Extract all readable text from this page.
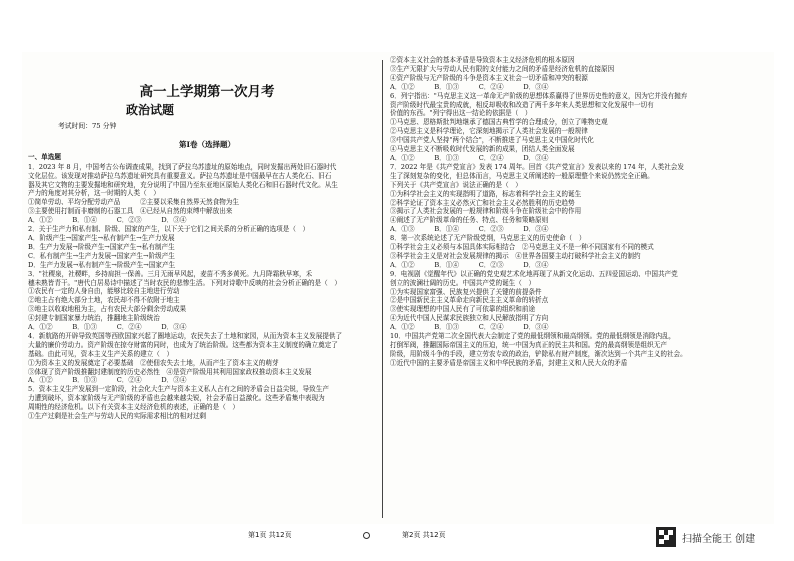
高一上学期第一次月考
政治试题
考试时间：75 分钟
第Ⅰ卷（选择题）
一、单选题
1．2023 年 8 月，中国考古公布调查成果，找到了萨拉乌苏遗址的原始地点，同时发掘出两处旧石器时代
文化层位。该发现对推动萨拉乌苏遗址研究具有重要意义。萨拉乌苏遗址是中国最早在古人类化石、旧石
器及其它文物的主要发掘地和研究地，充分说明了中国乃至东亚地区原始人类化石和旧石器时代文化。从生
产力的角度对其分析，这一时期的人类（　）
①简单劳动、平均分配劳动产品　　　②主要以采集自然界天然食物为生
③主要使用打制而非磨制的石器工具　④已经从自然的束缚中解放出来
A．①②　　　B．①④　　　C．②③　　　D．③④
2．关于生产力和私有制、阶级、国家的产生，以下关于它们之间关系的分析正确的选项是（　）
A．阶级产生→国家产生→私有制产生→生产力发展
B．生产力发展→阶级产生→国家产生→私有制产生
C．私有制产生→生产力发展→国家产生→阶级产生
D．生产力发展→私有制产生→阶级产生→国家产生
3．"社稷泉，社稷畔，乡持肩担一保善。三月无雨早风起，麦苗不秀多黄死。九月降霜秋早寒，禾
穗未熟皆青干。"唐代白居易诗中描述了当时农民的悲惨生活。下列对诗歌中反映的社会分析正确的是（　）
①农民有一定的人身自由，能够比较自主地进行劳动
②地主占有绝大部分土地，农民却不得不依附于地主
③地主以收取地租为主，占有农民大部分剩余劳动成果
④封建专制国家暴力统治，推翻地主阶级统治
A．①②　　　B．①③　　　C．②④　　　D．③④
4．新航路的开辟导致英国等西欧国家兴起了圈地运动，农民失去了土地和家园，从而为资本主义发展提供了
大量的廉价劳动力。资产阶级在掠夺财富的同时，也成为了统治阶级。这些都为资本主义制度的确立奠定了
基础。由此可见，资本主义生产关系的建立（　）
①为资本主义的发展奠定了必要基础　②使佃农失去土地，从而产生了资本主义的萌芽
③体现了资产阶级推翻封建制度的历史必然性　④是资产阶级用其利用国家政权推动资本主义发展
A．①②　　　B．①③　　　C．②④　　　D．③④
5．资本主义生产发展到一定阶段，社会化大生产与资本主义私人占有之间的矛盾会日益尖锐，导致生产
力遭到破坏，资本家阶级与无产阶级的矛盾也会越来越尖锐，社会矛盾日益激化。这些矛盾集中表现为
周期性的经济危机。以下有关资本主义经济危机的表述，正确的是（　）
①生产过剩是社会生产与劳动人民的实际需求相比的相对过剩
②资本主义社会的基本矛盾是导致资本主义经济危机的根本原因
③生产无限扩大与劳动人民有限的支付能力之间的矛盾是经济危机的直接原因
④资产阶级与无产阶级的斗争是资本主义社会一切矛盾和冲突的根源
A．①②　　　B．①③　　　C．②④　　　D．③④
6．列宁指出："马克思主义这一革命无产阶级的思想体系赢得了世界历史性的意义，因为它并没有抛弃
资产阶级时代最宝贵的成就，相反却吸收和改造了两千多年来人类思想和文化发展中一切有
价值的东西。"列宁得出这一结论的依据是（　）
①马克思、恩格斯批判地继承了德国古典哲学的合理成分，创立了唯物史观
②马克思主义是科学理论，它深刻地揭示了人类社会发展的一般规律
③中国共产党人坚持"两个结合"，不断推进了马克思主义中国化时代化
④马克思主义不断吸收时代发展的新的成果，团结人类全面发展
A．①②　　　B．①③　　　C．②④　　　D．③④
7．2022 年是《共产党宣言》发表 174 周年。回首《共产党宣言》发表以来的 174 年，人类社会发
生了深刻复杂的变化，但总体而言，马克思主义所阐述的一般原理整个来说仍然完全正确。
下列关于《共产党宣言》说法正确的是（　）
①为科学社会主义的实现指明了道路，标志着科学社会主义的诞生
②科学论证了资本主义必然灭亡和社会主义必然胜利的历史趋势
③揭示了人类社会发展的一般规律和阶级斗争在阶级社会中的作用
④阐述了无产阶级革命的任务、特点、任务和策略原则
A．①③　　　B．①④　　　C．②③　　　D．③④
8．第一次系统论述了无产阶级党纲，马克思主义的历史使命（　）
①科学社会主义必须与本国具体实际相结合　②马克思主义不是一种不同国家有不同的模式
③科学社会主义是对社会发展规律的揭示　④世界各国要主动打破科学社会主义的制约
A．①②　　　B．①④　　　C．②③　　　D．③④
9．电视剧《觉醒年代》以正确的党史观艺术化地再现了从新文化运动、五四爱国运动、中国共产党
创立的波澜壮阔的历史。中国共产党的诞生（　）
①为实现国家富强、民族复兴提供了关键的前提条件
②是中国新民主主义革命走向新民主主义革命的转折点
③使实现理想的中国人民有了可依靠的组织和前途
④为近代中国人民谋求民族独立和人民解放指明了方向
A．①②　　　B．①③　　　C．②④　　　D．③④
10．中国共产党第二次全国代表大会制定了党的最低纲领和最高纲领。党的最低纲领是消除内乱，
打倒军阀，推翻国际帝国主义的压迫，统一中国为真正的民主共和国。党的最高纲领是组织无产
阶级，用阶级斗争的手段，建立劳农专政的政治，铲除私有财产制度，渐次达到一个共产主义的社会。
①近代中国的主要矛盾是帝国主义和中华民族的矛盾，封建主义和人民大众的矛盾
第1页 共12页	第2页 共12页	扫描全能王 创建
